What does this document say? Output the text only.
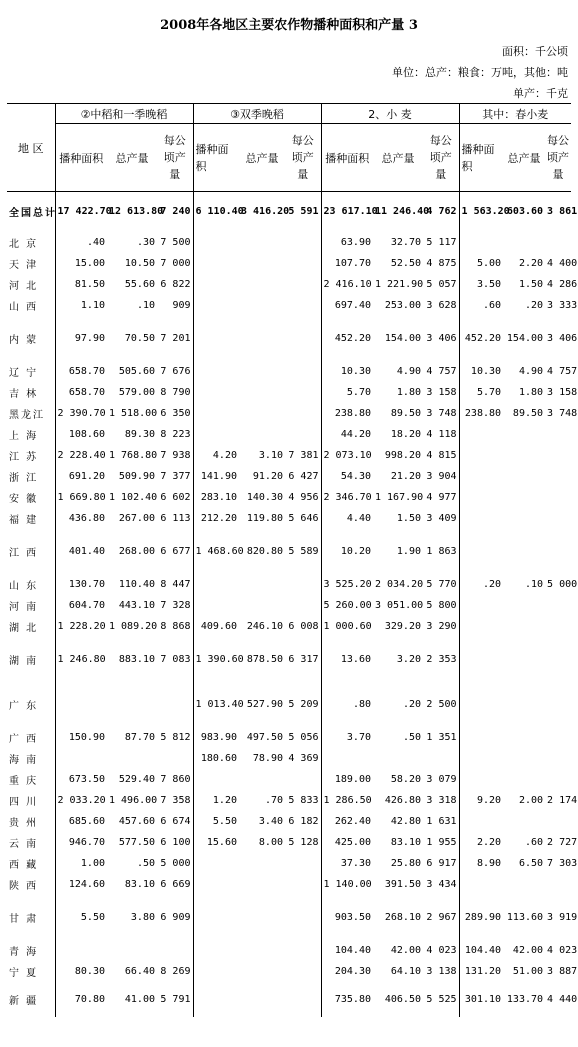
2008年各地区主要农作物播种面积和产量 3
面积：千公顷
单位：总产：粮食：万吨，其他：吨
单产：千克
地 区	②中稻和一季晚稻			③双季晚稻			2、小 麦			其中：春小麦		
	播种面积	总产量	每公顷产量	播种面积	总产量	每公顷产量	播种面积	总产量	每公顷产量	播种面积	总产量	每公顷产量
全国总计	17 422.70	12 613.80	7 240	6 110.40	3 416.20	5 591	23 617.10	11 246.40	4 762	1 563.20	603.60	3 861
北 京	.40	.30	7 500				63.90	32.70	5 117			
天 津	15.00	10.50	7 000				107.70	52.50	4 875	5.00	2.20	4 400
河 北	81.50	55.60	6 822				2 416.10	1 221.90	5 057	3.50	1.50	4 286
山 西	1.10	.10	909				697.40	253.00	3 628	.60	.20	3 333
内 蒙	97.90	70.50	7 201				452.20	154.00	3 406	452.20	154.00	3 406
辽 宁	658.70	505.60	7 676				10.30	4.90	4 757	10.30	4.90	4 757
吉 林	658.70	579.00	8 790				5.70	1.80	3 158	5.70	1.80	3 158
黑龙江	2 390.70	1 518.00	6 350				238.80	89.50	3 748	238.80	89.50	3 748
上 海	108.60	89.30	8 223				44.20	18.20	4 118			
江 苏	2 228.40	1 768.80	7 938	4.20	3.10	7 381	2 073.10	998.20	4 815			
浙 江	691.20	509.90	7 377	141.90	91.20	6 427	54.30	21.20	3 904			
安 徽	1 669.80	1 102.40	6 602	283.10	140.30	4 956	2 346.70	1 167.90	4 977			
福 建	436.80	267.00	6 113	212.20	119.80	5 646	4.40	1.50	3 409			
江 西	401.40	268.00	6 677	1 468.60	820.80	5 589	10.20	1.90	1 863			
山 东	130.70	110.40	8 447				3 525.20	2 034.20	5 770	.20	.10	5 000
河 南	604.70	443.10	7 328				5 260.00	3 051.00	5 800			
湖 北	1 228.20	1 089.20	8 868	409.60	246.10	6 008	1 000.60	329.20	3 290			
湖 南	1 246.80	883.10	7 083	1 390.60	878.50	6 317	13.60	3.20	2 353			
广 东				1 013.40	527.90	5 209	.80	.20	2 500			
广 西	150.90	87.70	5 812	983.90	497.50	5 056	3.70	.50	1 351			
海 南				180.60	78.90	4 369						
重 庆	673.50	529.40	7 860				189.00	58.20	3 079			
四 川	2 033.20	1 496.00	7 358	1.20	.70	5 833	1 286.50	426.80	3 318	9.20	2.00	2 174
贵 州	685.60	457.60	6 674	5.50	3.40	6 182	262.40	42.80	1 631			
云 南	946.70	577.50	6 100	15.60	8.00	5 128	425.00	83.10	1 955	2.20	.60	2 727
西 藏	1.00	.50	5 000				37.30	25.80	6 917	8.90	6.50	7 303
陕 西	124.60	83.10	6 669				1 140.00	391.50	3 434			
甘 肃	5.50	3.80	6 909				903.50	268.10	2 967	289.90	113.60	3 919
青 海							104.40	42.00	4 023	104.40	42.00	4 023
宁 夏	80.30	66.40	8 269				204.30	64.10	3 138	131.20	51.00	3 887
新 疆	70.80	41.00	5 791				735.80	406.50	5 525	301.10	133.70	4 440
